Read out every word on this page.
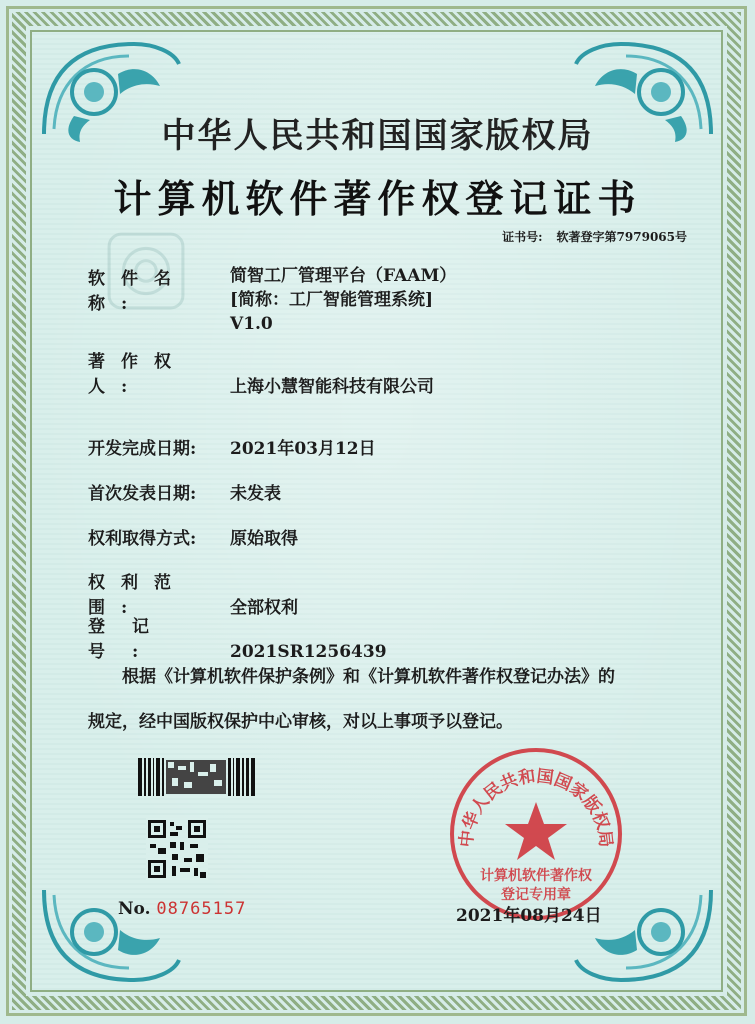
中华人民共和国国家版权局
计算机软件著作权登记证书
证书号: 软著登字第7979065号
软件名称:
简智工厂管理平台（FAAM）
[简称：工厂智能管理系统]
V1.0
著作权人:	上海小慧智能科技有限公司
开发完成日期: 2021年03月12日
首次发表日期: 未发表
权利取得方式: 原始取得
权利范围:	全部权利
登记号:	2021SR1256439
根据《计算机软件保护条例》和《计算机软件著作权登记办法》的
规定，经中国版权保护中心审核，对以上事项予以登记。
No. 08765157
中华人民共和国国家版权局
计算机软件著作权
登记专用章
2021年08月24日
